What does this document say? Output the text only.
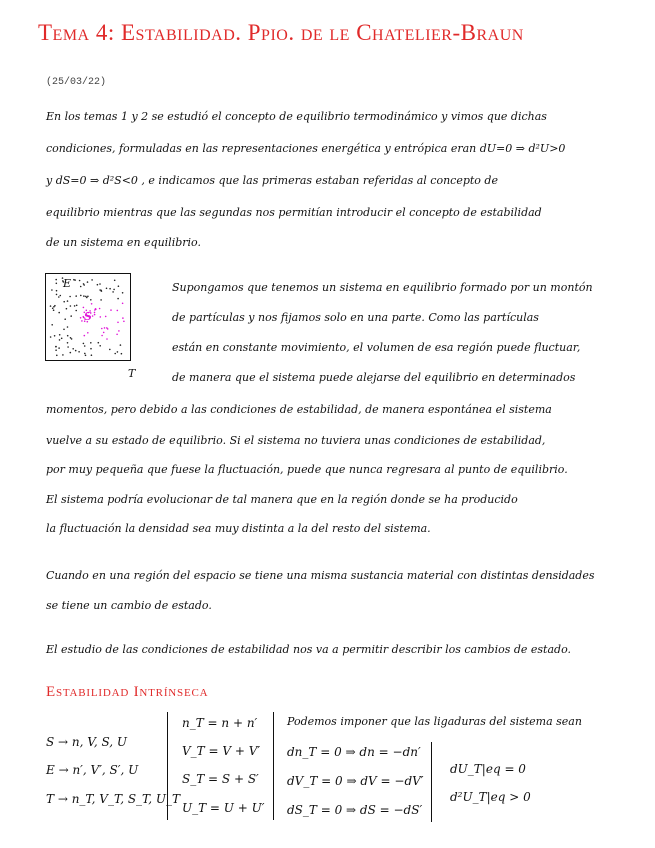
Tema 4: Estabilidad. Ppio. de le Chatelier-Braun
(25/03/22)
En los temas 1 y 2 se estudió el concepto de equilibrio termodinámico y vimos que dichas
condiciones, formuladas en las representaciones energética y entrópica eran dU=0 ⇒ d²U>0
y dS=0 ⇒ d²S<0 , e indicamos que las primeras estaban referidas al concepto de
equilibrio mientras que las segundas nos permitían introducir el concepto de estabilidad
de un sistema en equilibrio.
E
S
T
Supongamos que tenemos un sistema en equilibrio formado por un montón
de partículas y nos fijamos solo en una parte. Como las partículas
están en constante movimiento, el volumen de esa región puede fluctuar,
de manera que el sistema puede alejarse del equilibrio en determinados
momentos, pero debido a las condiciones de estabilidad, de manera espontánea el sistema
vuelve a su estado de equilibrio. Si el sistema no tuviera unas condiciones de estabilidad,
por muy pequeña que fuese la fluctuación, puede que nunca regresara al punto de equilibrio.
El sistema podría evolucionar de tal manera que en la región donde se ha producido
la fluctuación la densidad sea muy distinta a la del resto del sistema.
Cuando en una región del espacio se tiene una misma sustancia material con distintas densidades
se tiene un cambio de estado.
El estudio de las condiciones de estabilidad nos va a permitir describir los cambios de estado.
Estabilidad Intrínseca
S → n, V, S, U
E → n′, V′, S′, U
T → n_T, V_T, S_T, U_T
n_T = n + n′
V_T = V + V′
S_T = S + S′
U_T = U + U′
Podemos imponer que las ligaduras del sistema sean
dn_T = 0 ⇒ dn = −dn′
dV_T = 0 ⇒ dV = −dV′
dS_T = 0 ⇒ dS = −dS′
dU_T|eq = 0
d²U_T|eq > 0
